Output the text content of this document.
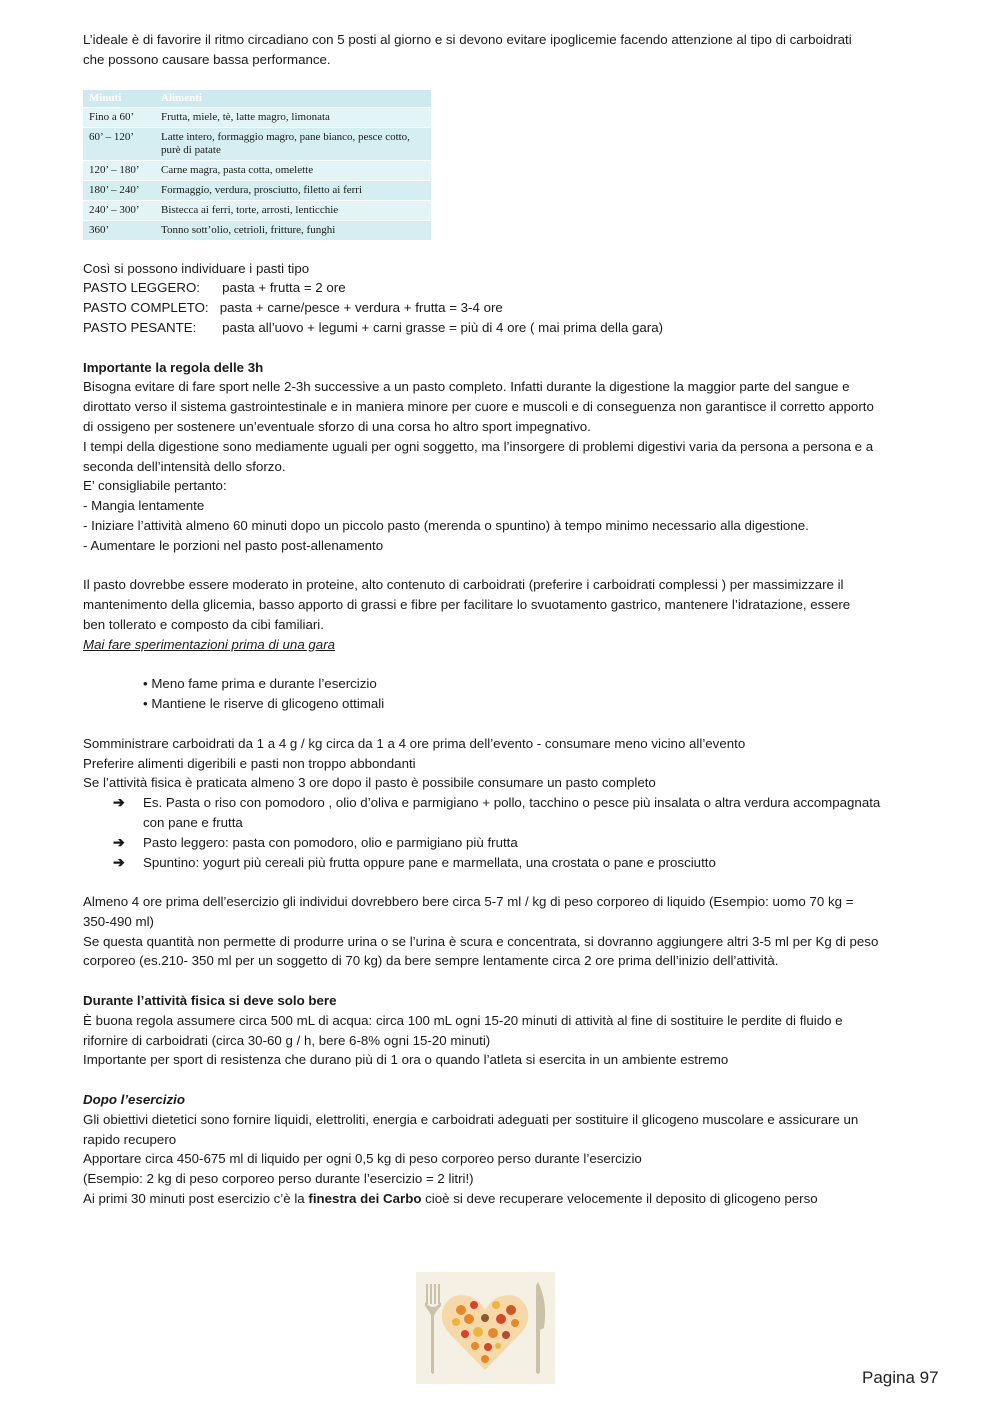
L’ideale è di favorire il ritmo circadiano con 5 posti al giorno e si devono evitare ipoglicemie facendo attenzione al tipo di carboidrati

che possono causare bassa performance.

Minuti	Alimenti
Fino a 60’	Frutta, miele, tè, latte magro, limonata
60’ – 120’	Latte intero, formaggio magro, pane bianco, pesce cotto, purè di patate
120’ – 180’	Carne magra, pasta cotta, omelette
180’ – 240’	Formaggio, verdura, prosciutto, filetto ai ferri
240’ – 300’	Bistecca ai ferri, torte, arrosti, lenticchie
360’	Tonno sott’olio, cetrioli, fritture, funghi

Così si possono individuare i pasti tipo

PASTO LEGGERO:      pasta + frutta = 2 ore

PASTO COMPLETO:   pasta + carne/pesce + verdura + frutta = 3-4 ore

PASTO PESANTE:       pasta all’uovo + legumi + carni grasse = più di 4 ore ( mai prima della gara)

Importante la regola delle 3h

Bisogna evitare di fare sport nelle 2-3h successive a un pasto completo. Infatti durante la digestione la maggior parte del sangue e

dirottato verso il sistema gastrointestinale e in maniera minore per cuore e muscoli e di conseguenza non garantisce il corretto apporto

di ossigeno per sostenere un’eventuale sforzo di una corsa ho altro sport impegnativo.

I tempi della digestione sono mediamente uguali per ogni soggetto, ma l’insorgere di problemi digestivi varia da persona a persona e a

seconda dell’intensità dello sforzo.

E’ consigliabile pertanto:

- Mangia lentamente

- Iniziare l’attività almeno 60 minuti dopo un piccolo pasto (merenda o spuntino) à tempo minimo necessario alla digestione.

- Aumentare le porzioni nel pasto post-allenamento

Il pasto dovrebbe essere moderato in proteine, alto contenuto di carboidrati (preferire i carboidrati complessi ) per massimizzare il

mantenimento della glicemia, basso apporto di grassi e fibre per facilitare lo svuotamento gastrico, mantenere l’idratazione, essere

ben tollerato e composto da cibi familiari.

Mai fare sperimentazioni prima di una gara

• Meno fame prima e durante l’esercizio

• Mantiene le riserve di glicogeno ottimali

Somministrare carboidrati da 1 a 4 g / kg circa da 1 a 4 ore prima dell’evento - consumare meno vicino all’evento

Preferire alimenti digeribili e pasti non troppo abbondanti

Se l’attività fisica è praticata almeno 3 ore dopo il pasto è possibile consumare un pasto completo

➔ Es. Pasta o riso con pomodoro , olio d’oliva e parmigiano + pollo, tacchino o pesce più insalata o altra verdura accompagnata

con pane e frutta

➔ Pasto leggero: pasta con pomodoro, olio e parmigiano più frutta

➔ Spuntino: yogurt più cereali più frutta oppure pane e marmellata, una crostata o pane e prosciutto

Almeno 4 ore prima dell’esercizio gli individui dovrebbero bere circa 5-7 ml / kg di peso corporeo di liquido (Esempio: uomo 70 kg =

350-490 ml)

Se questa quantità non permette di produrre urina o se l’urina è scura e concentrata, si dovranno aggiungere altri 3-5 ml per Kg di peso

corporeo (es.210- 350 ml per un soggetto di 70 kg) da bere sempre lentamente circa 2 ore prima dell’inizio dell’attività.

Durante l’attività fisica si deve solo bere

È buona regola assumere circa 500 mL di acqua: circa 100 mL ogni 15-20 minuti di attività al fine di sostituire le perdite di fluido e

rifornire di carboidrati (circa 30-60 g / h, bere 6-8% ogni 15-20 minuti)

Importante per sport di resistenza che durano più di 1 ora o quando l’atleta si esercita in un ambiente estremo

Dopo l’esercizio

Gli obiettivi dietetici sono fornire liquidi, elettroliti, energia e carboidrati adeguati per sostituire il glicogeno muscolare e assicurare un

rapido recupero

Apportare circa 450-675 ml di liquido per ogni 0,5 kg di peso corporeo perso durante l’esercizio

(Esempio: 2 kg di peso corporeo perso durante l’esercizio = 2 litri!)

Ai primi 30 minuti post esercizio c’è la finestra dei Carbo cioè si deve recuperare velocemente il deposito di glicogeno perso

Pagina 97
